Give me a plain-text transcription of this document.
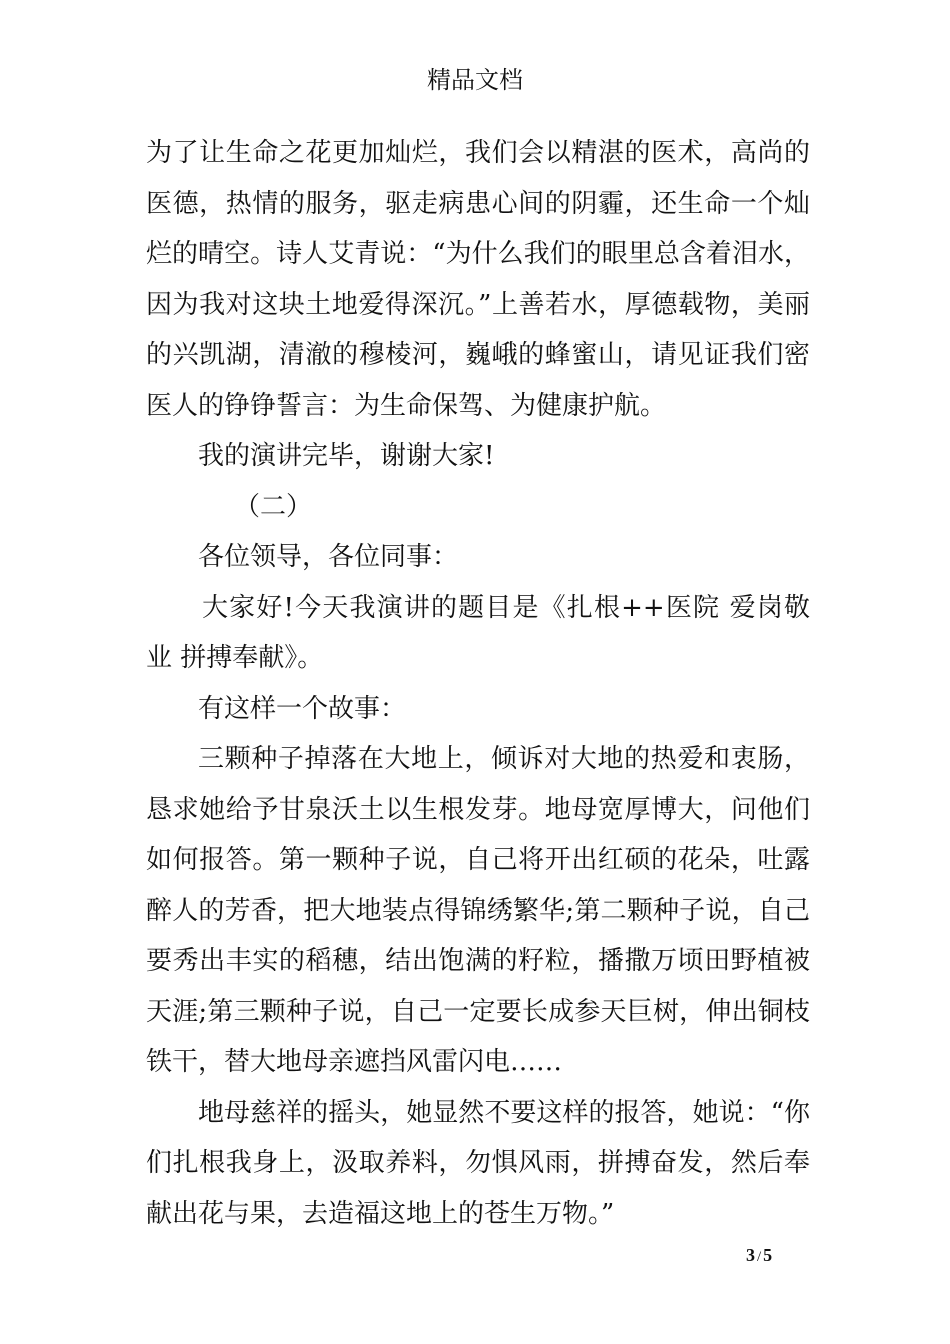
精品文档

为了让生命之花更加灿烂，我们会以精湛的医术，高尚的医德，热情的服务，驱走病患心间的阴霾，还生命一个灿烂的晴空。诗人艾青说：“为什么我们的眼里总含着泪水，因为我对这块土地爱得深沉。”上善若水，厚德载物，美丽的兴凯湖，清澈的穆棱河，巍峨的蜂蜜山，请见证我们密医人的铮铮誓言：为生命保驾、为健康护航。

我的演讲完毕，谢谢大家!

（二）

各位领导，各位同事：

大家好!今天我演讲的题目是《扎根++医院 爱岗敬业 拼搏奉献》。

有这样一个故事：

三颗种子掉落在大地上，倾诉对大地的热爱和衷肠，恳求她给予甘泉沃土以生根发芽。地母宽厚博大，问他们如何报答。第一颗种子说，自己将开出红硕的花朵，吐露醉人的芳香，把大地装点得锦绣繁华;第二颗种子说，自己要秀出丰实的稻穗，结出饱满的籽粒，播撒万顷田野植被天涯;第三颗种子说，自己一定要长成参天巨树，伸出铜枝铁干，替大地母亲遮挡风雷闪电……

地母慈祥的摇头，她显然不要这样的报答，她说：“你们扎根我身上，汲取养料，勿惧风雨，拼搏奋发，然后奉献出花与果，去造福这地上的苍生万物。”

3 / 5
